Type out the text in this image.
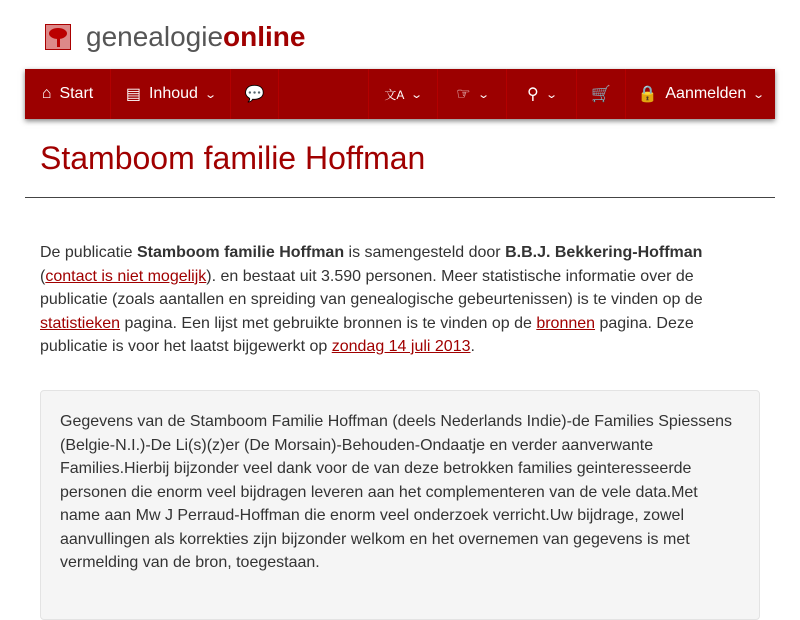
genealogieonline
⌂ Start ▤ Inhoud ⌄ 💬	文A ⌄ ☞ ⌄ ⚲ ⌄ 🛒 🔒 Aanmelden ⌄
Stamboom familie Hoffman
De publicatie Stamboom familie Hoffman is samengesteld door B.B.J. Bekkering-Hoffman
(contact is niet mogelijk). en bestaat uit 3.590 personen. Meer statistische informatie over de publicatie (zoals aantallen en spreiding van genealogische gebeurtenissen) is te vinden op de statistieken pagina. Een lijst met gebruikte bronnen is te vinden op de bronnen pagina. Deze publicatie is voor het laatst bijgewerkt op zondag 14 juli 2013.
Gegevens van de Stamboom Familie Hoffman (deels Nederlands Indie)-de Families Spiessens (Belgie-N.I.)-De Li(s)(z)er (De Morsain)-Behouden-Ondaatje en verder aanverwante Families.Hierbij bijzonder veel dank voor de van deze betrokken families geinteresseerde personen die enorm veel bijdragen leveren aan het complementeren van de vele data.Met name aan Mw J Perraud-Hoffman die enorm veel onderzoek verricht.Uw bijdrage, zowel aanvullingen als korrekties zijn bijzonder welkom en het overnemen van gegevens is met vermelding van de bron, toegestaan.
